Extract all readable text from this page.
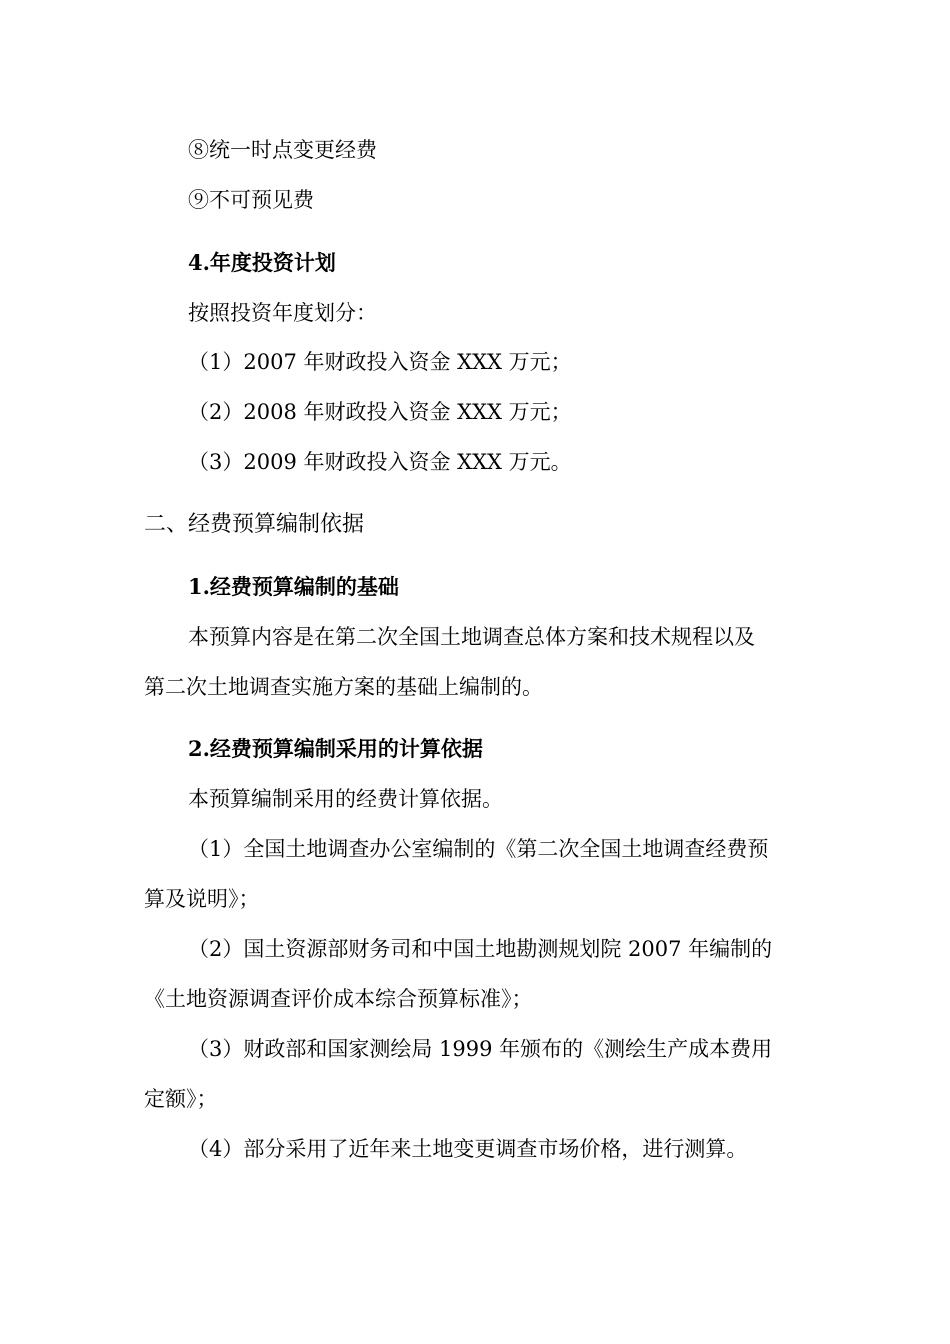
⑧统一时点变更经费
⑨不可预见费
4.年度投资计划
按照投资年度划分：
（1）2007 年财政投入资金 XXX 万元；
（2）2008 年财政投入资金 XXX 万元；
（3）2009 年财政投入资金 XXX 万元。
二、经费预算编制依据
1.经费预算编制的基础
本预算内容是在第二次全国土地调查总体方案和技术规程以及
第二次土地调查实施方案的基础上编制的。
2.经费预算编制采用的计算依据
本预算编制采用的经费计算依据。
（1）全国土地调查办公室编制的《第二次全国土地调查经费预
算及说明》；
（2）国土资源部财务司和中国土地勘测规划院 2007 年编制的
《土地资源调查评价成本综合预算标准》；
（3）财政部和国家测绘局 1999 年颁布的《测绘生产成本费用
定额》；
（4）部分采用了近年来土地变更调查市场价格，进行测算。
